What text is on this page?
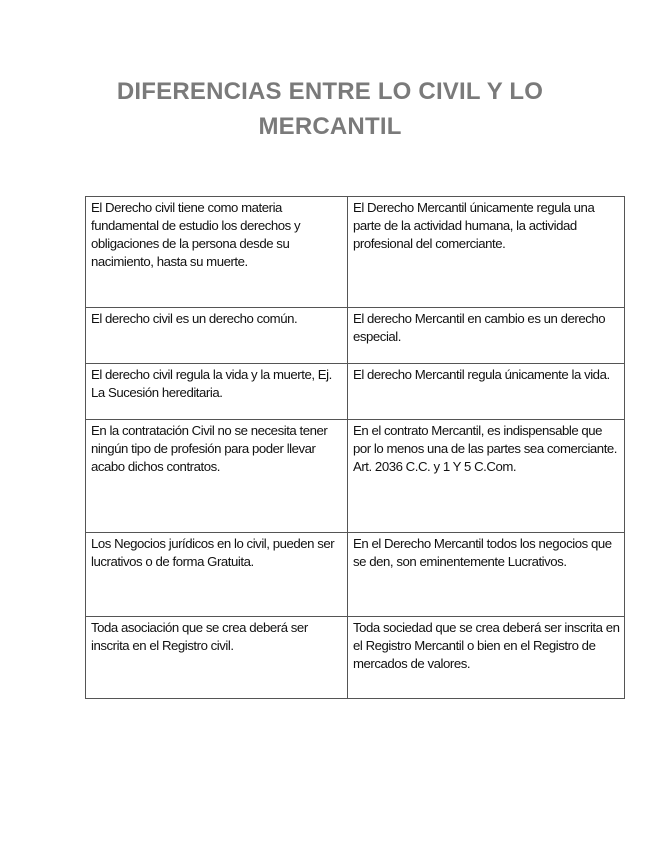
DIFERENCIAS ENTRE LO CIVIL Y LO MERCANTIL
El Derecho civil tiene como materia fundamental de estudio los derechos y obligaciones de la persona desde su nacimiento, hasta su muerte.	El Derecho Mercantil únicamente regula una parte de la actividad humana, la actividad profesional del comerciante.
El derecho civil es un derecho común.	El derecho Mercantil en cambio es un derecho especial.
El derecho civil regula la vida y la muerte, Ej. La Sucesión hereditaria.	El derecho Mercantil regula únicamente la vida.
En la contratación Civil no se necesita tener ningún tipo de profesión para poder llevar acabo dichos contratos.	En el contrato Mercantil, es indispensable que por lo menos una de las partes sea comerciante. Art. 2036 C.C. y 1 Y 5 C.Com.
Los Negocios jurídicos en lo civil, pueden ser lucrativos o de forma Gratuita.	En el Derecho Mercantil todos los negocios que se den, son eminentemente Lucrativos.
Toda asociación que se crea deberá ser inscrita en el Registro civil.	Toda sociedad que se crea deberá ser inscrita en el Registro Mercantil o bien en el Registro de mercados de valores.
